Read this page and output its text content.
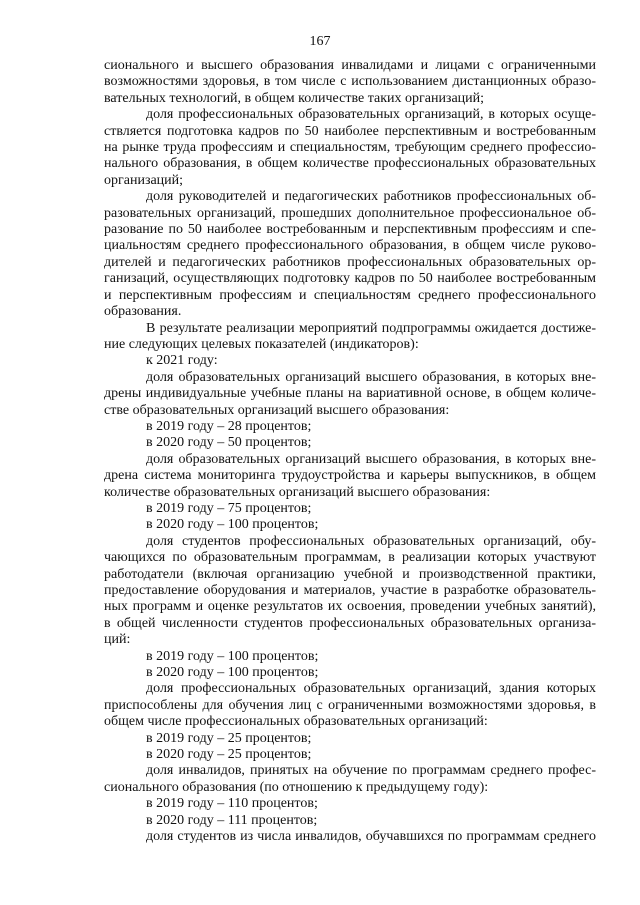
167

сионального и высшего образования инвалидами и лицами с ограниченными

возможностями здоровья, в том числе с использованием дистанционных образо-

вательных технологий, в общем количестве таких организаций;

доля профессиональных образовательных организаций, в которых осуще-

ствляется подготовка кадров по 50 наиболее перспективным и востребованным

на рынке труда профессиям и специальностям, требующим среднего профессио-

нального образования, в общем количестве профессиональных образовательных

организаций;

доля руководителей и педагогических работников профессиональных об-

разовательных организаций, прошедших дополнительное профессиональное об-

разование по 50 наиболее востребованным и перспективным профессиям и спе-

циальностям среднего профессионального образования, в общем числе руково-

дителей и педагогических работников профессиональных образовательных ор-

ганизаций, осуществляющих подготовку кадров по 50 наиболее востребованным

и перспективным профессиям и специальностям среднего профессионального

образования.

В результате реализации мероприятий подпрограммы ожидается достиже-

ние следующих целевых показателей (индикаторов):

к 2021 году:

доля образовательных организаций высшего образования, в которых вне-

дрены индивидуальные учебные планы на вариативной основе, в общем количе-

стве образовательных организаций высшего образования:

в 2019 году – 28 процентов;

в 2020 году – 50 процентов;

доля образовательных организаций высшего образования, в которых вне-

дрена система мониторинга трудоустройства и карьеры выпускников, в общем

количестве образовательных организаций высшего образования:

в 2019 году – 75 процентов;

в 2020 году – 100 процентов;

доля студентов профессиональных образовательных организаций, обу-

чающихся по образовательным программам, в реализации которых участвуют

работодатели (включая организацию учебной и производственной практики,

предоставление оборудования и материалов, участие в разработке образователь-

ных программ и оценке результатов их освоения, проведении учебных занятий),

в общей численности студентов профессиональных образовательных организа-

ций:

в 2019 году – 100 процентов;

в 2020 году – 100 процентов;

доля профессиональных образовательных организаций, здания которых

приспособлены для обучения лиц с ограниченными возможностями здоровья, в

общем числе профессиональных образовательных организаций:

в 2019 году – 25 процентов;

в 2020 году – 25 процентов;

доля инвалидов, принятых на обучение по программам среднего профес-

сионального образования (по отношению к предыдущему году):

в 2019 году – 110 процентов;

в 2020 году – 111 процентов;

доля студентов из числа инвалидов, обучавшихся по программам среднего
